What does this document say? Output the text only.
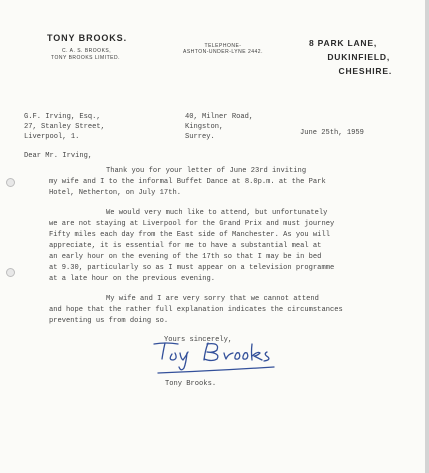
TONY BROOKS.
C. A. S. BROOKS,
TONY BROOKS LIMITED.
TELEPHONE-
ASHTON-UNDER-LYNE 2442.
8 PARK LANE,
DUKINFIELD,
CHESHIRE.
G.F. Irving, Esq.,
27, Stanley Street,
Liverpool, 1.
40, Milner Road,
Kingston,
Surrey.	June 25th, 1959
Dear Mr. Irving,
Thank you for your letter of June 23rd inviting
my wife and I to the informal Buffet Dance at 8.0p.m. at the Park
Hotel, Netherton, on July 17th.
We would very much like to attend, but unfortunately
we are not staying at Liverpool for the Grand Prix and must journey
Fifty miles each day from the East side of Manchester. As you will
appreciate, it is essential for me to have a substantial meal at
an early hour on the evening of the 17th so that I may be in bed
at 9.30, particularly so as I must appear on a television programme
at a late hour on the previous evening.
My wife and I are very sorry that we cannot attend
and hope that the rather full explanation indicates the circumstances
preventing us from doing so.
Yours sincerely,
Tony Brooks.
